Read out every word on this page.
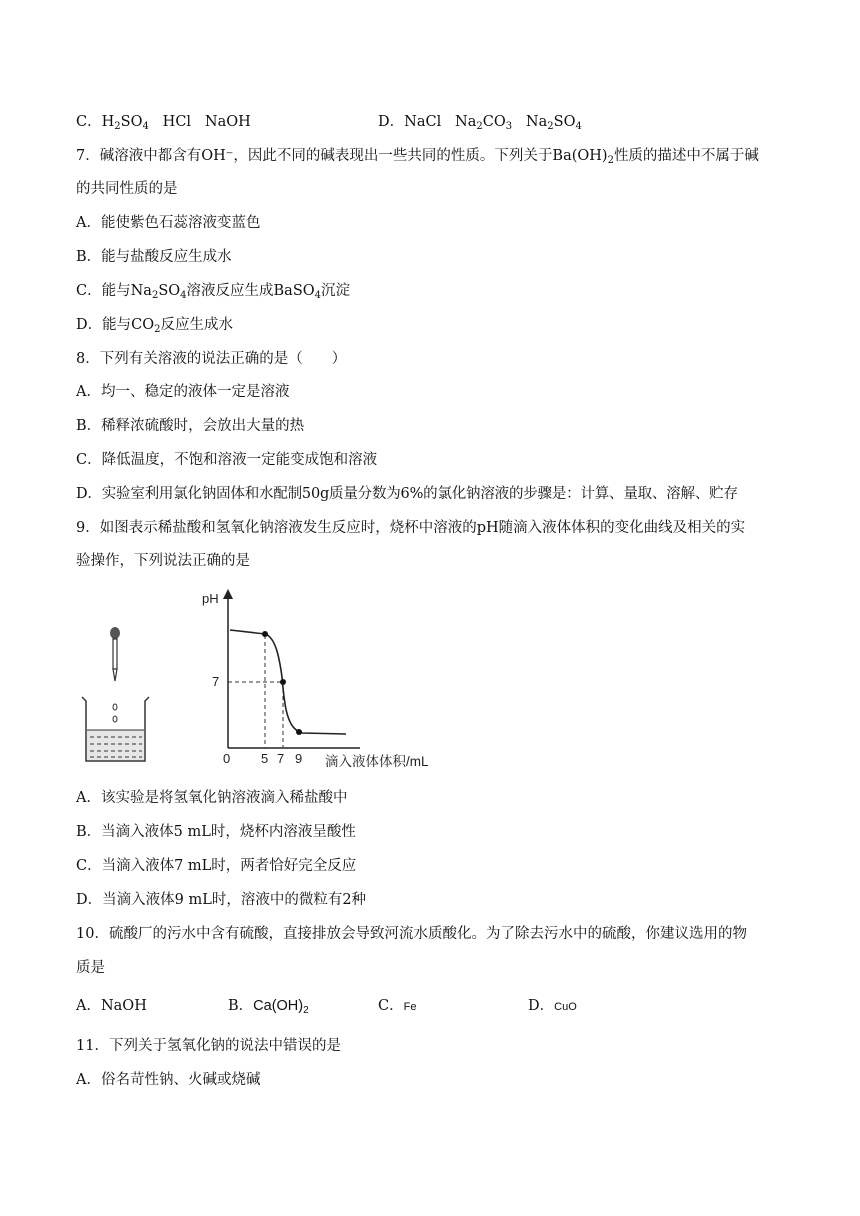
C．$H_2SO_4$   HCl   NaOH	D．NaCl   $Na_2CO_3$   $Na_2SO_4$
7．碱溶液中都含有OH⁻，因此不同的碱表现出一些共同的性质。下列关于$Ba(OH)_2$性质的描述中不属于碱
的共同性质的是
A．能使紫色石蕊溶液变蓝色
B．能与盐酸反应生成水
C．能与$Na_2SO_4$溶液反应生成BaSO$_4$沉淀
D．能与$CO_2$反应生成水
8．下列有关溶液的说法正确的是（　　）
A．均一、稳定的液体一定是溶液
B．稀释浓硫酸时，会放出大量的热
C．降低温度，不饱和溶液一定能变成饱和溶液
D．实验室利用氯化钠固体和水配制50g质量分数为6%的氯化钠溶液的步骤是：计算、量取、溶解、贮存
9．如图表示稀盐酸和氢氧化钠溶液发生反应时，烧杯中溶液的pH随滴入液体体积的变化曲线及相关的实
验操作，下列说法正确的是
pH
7
0 5 7 9 滴入液体体积/mL
A．该实验是将氢氧化钠溶液滴入稀盐酸中
B．当滴入液体5 mL时，烧杯内溶液呈酸性
C．当滴入液体7 mL时，两者恰好完全反应
D．当滴入液体9 mL时，溶液中的微粒有2种
10．硫酸厂的污水中含有硫酸，直接排放会导致河流水质酸化。为了除去污水中的硫酸，你建议选用的物
质是
A．NaOH	B．$Ca(OH)_2$	C．Fe	D．CuO
11．下列关于氢氧化钠的说法中错误的是
A．俗名苛性钠、火碱或烧碱
